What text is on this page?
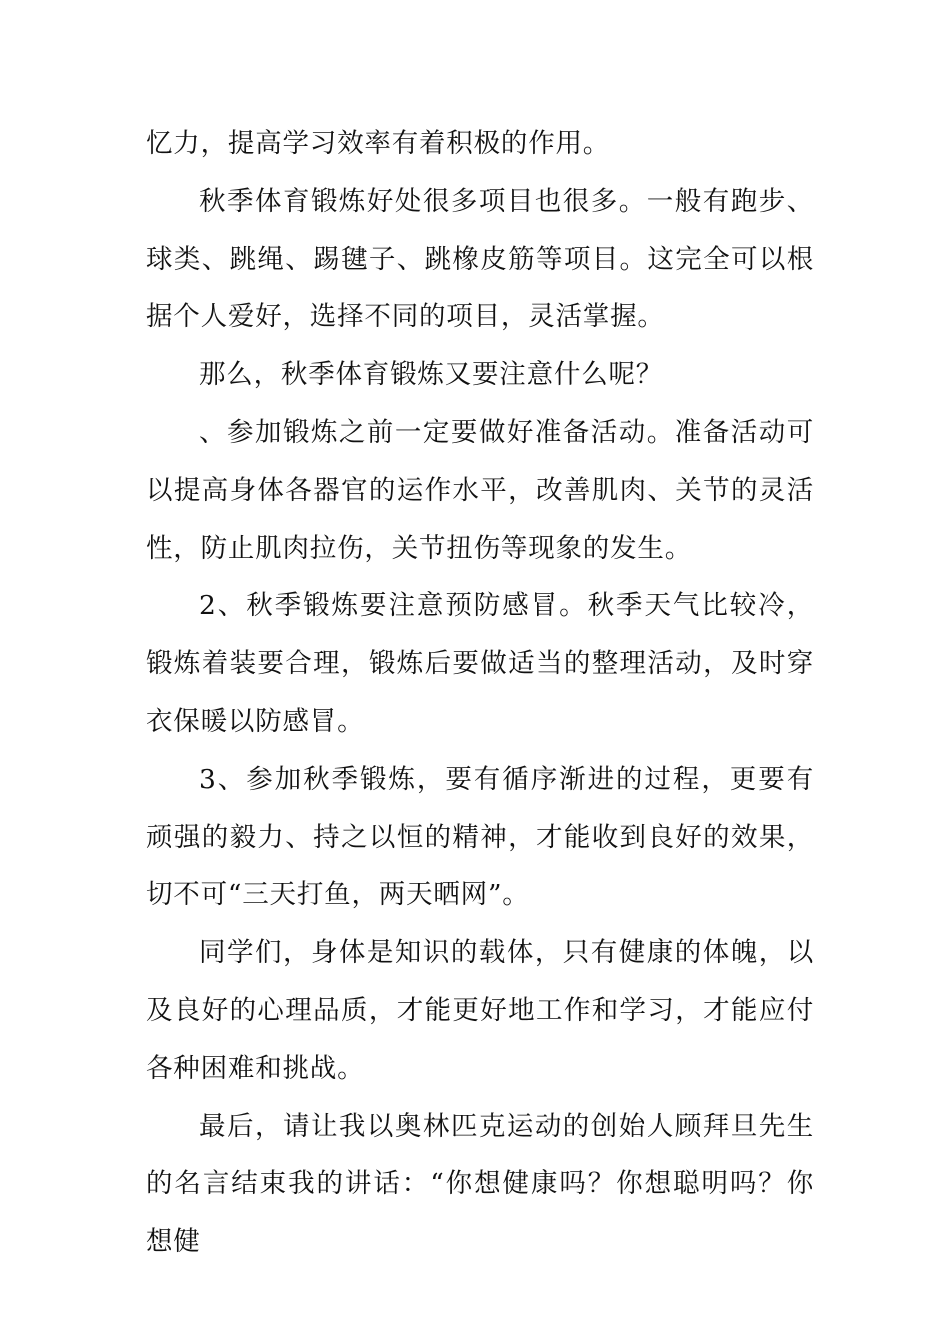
忆力，提高学习效率有着积极的作用。

秋季体育锻炼好处很多项目也很多。一般有跑步、球类、跳绳、踢毽子、跳橡皮筋等项目。这完全可以根据个人爱好，选择不同的项目，灵活掌握。

那么，秋季体育锻炼又要注意什么呢？

、参加锻炼之前一定要做好准备活动。准备活动可以提高身体各器官的运作水平，改善肌肉、关节的灵活性，防止肌肉拉伤，关节扭伤等现象的发生。

2、秋季锻炼要注意预防感冒。秋季天气比较冷，锻炼着装要合理，锻炼后要做适当的整理活动，及时穿衣保暖以防感冒。

3、参加秋季锻炼，要有循序渐进的过程，更要有顽强的毅力、持之以恒的精神，才能收到良好的效果，切不可“三天打鱼，两天晒网”。

同学们，身体是知识的载体，只有健康的体魄，以及良好的心理品质，才能更好地工作和学习，才能应付各种困难和挑战。

最后，请让我以奥林匹克运动的创始人顾拜旦先生的名言结束我的讲话：“你想健康吗？你想聪明吗？你想健
